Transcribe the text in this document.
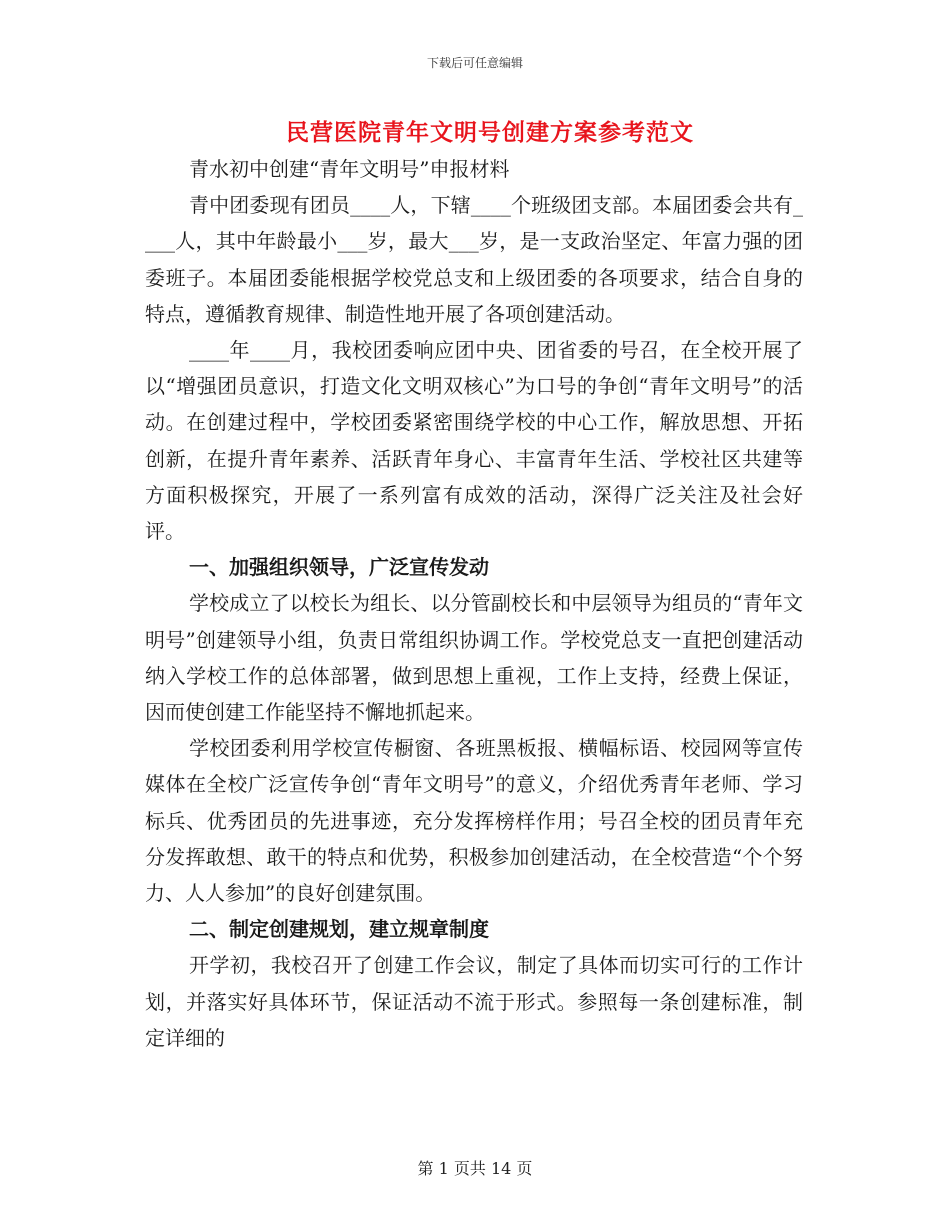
下载后可任意编辑
民营医院青年文明号创建方案参考范文

青水初中创建“青年文明号”申报材料

青中团委现有团员____人，下辖____个班级团支部。本届团委会共有____人，其中年龄最小___岁，最大___岁，是一支政治坚定、年富力强的团委班子。本届团委能根据学校党总支和上级团委的各项要求，结合自身的特点，遵循教育规律、制造性地开展了各项创建活动。

____年____月，我校团委响应团中央、团省委的号召，在全校开展了以“增强团员意识，打造文化文明双核心”为口号的争创“青年文明号”的活动。在创建过程中，学校团委紧密围绕学校的中心工作，解放思想、开拓创新，在提升青年素养、活跃青年身心、丰富青年生活、学校社区共建等方面积极探究，开展了一系列富有成效的活动，深得广泛关注及社会好评。

一、加强组织领导，广泛宣传发动

学校成立了以校长为组长、以分管副校长和中层领导为组员的“青年文明号”创建领导小组，负责日常组织协调工作。学校党总支一直把创建活动纳入学校工作的总体部署，做到思想上重视，工作上支持，经费上保证，因而使创建工作能坚持不懈地抓起来。

学校团委利用学校宣传橱窗、各班黑板报、横幅标语、校园网等宣传媒体在全校广泛宣传争创“青年文明号”的意义，介绍优秀青年老师、学习标兵、优秀团员的先进事迹，充分发挥榜样作用；号召全校的团员青年充分发挥敢想、敢干的特点和优势，积极参加创建活动，在全校营造“个个努力、人人参加”的良好创建氛围。

二、制定创建规划，建立规章制度

开学初，我校召开了创建工作会议，制定了具体而切实可行的工作计划，并落实好具体环节，保证活动不流于形式。参照每一条创建标准，制定详细的

第 1 页共 14 页
